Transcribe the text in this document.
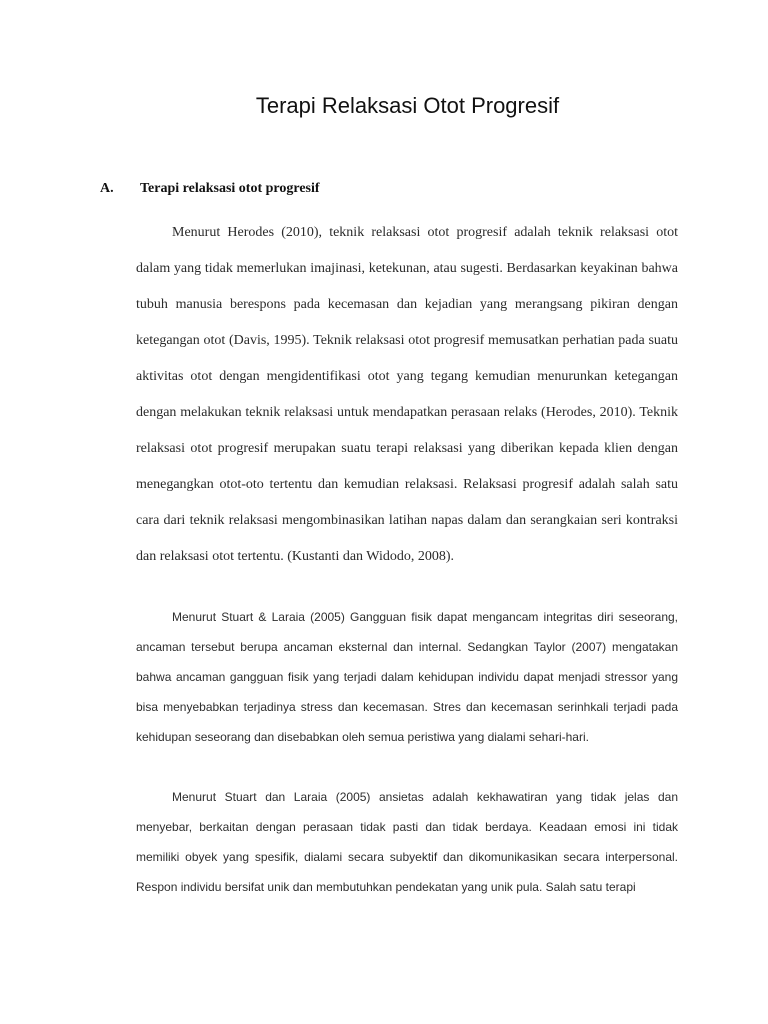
Terapi Relaksasi Otot Progresif
A. Terapi relaksasi otot progresif

Menurut Herodes (2010), teknik relaksasi otot progresif adalah teknik relaksasi otot dalam yang tidak memerlukan imajinasi, ketekunan, atau sugesti. Berdasarkan keyakinan bahwa tubuh manusia berespons pada kecemasan dan kejadian yang merangsang pikiran dengan ketegangan otot (Davis, 1995). Teknik relaksasi otot progresif memusatkan perhatian pada suatu aktivitas otot dengan mengidentifikasi otot yang tegang kemudian menurunkan ketegangan dengan melakukan teknik relaksasi untuk mendapatkan perasaan relaks (Herodes, 2010). Teknik relaksasi otot progresif merupakan suatu terapi relaksasi yang diberikan kepada klien dengan menegangkan otot-oto tertentu dan kemudian relaksasi. Relaksasi progresif adalah salah satu cara dari teknik relaksasi mengombinasikan latihan napas dalam dan serangkaian seri kontraksi dan relaksasi otot tertentu. (Kustanti dan Widodo, 2008).

Menurut Stuart & Laraia (2005) Gangguan fisik dapat mengancam integritas diri seseorang, ancaman tersebut berupa ancaman eksternal dan internal. Sedangkan Taylor (2007) mengatakan bahwa ancaman gangguan fisik yang terjadi dalam kehidupan individu dapat menjadi stressor yang bisa menyebabkan terjadinya stress dan kecemasan. Stres dan kecemasan serinhkali terjadi pada kehidupan seseorang dan disebabkan oleh semua peristiwa yang dialami sehari-hari.

Menurut Stuart dan Laraia (2005) ansietas adalah kekhawatiran yang tidak jelas dan menyebar, berkaitan dengan perasaan tidak pasti dan tidak berdaya. Keadaan emosi ini tidak memiliki obyek yang spesifik, dialami secara subyektif dan dikomunikasikan secara interpersonal. Respon individu bersifat unik dan membutuhkan pendekatan yang unik pula. Salah satu terapi
